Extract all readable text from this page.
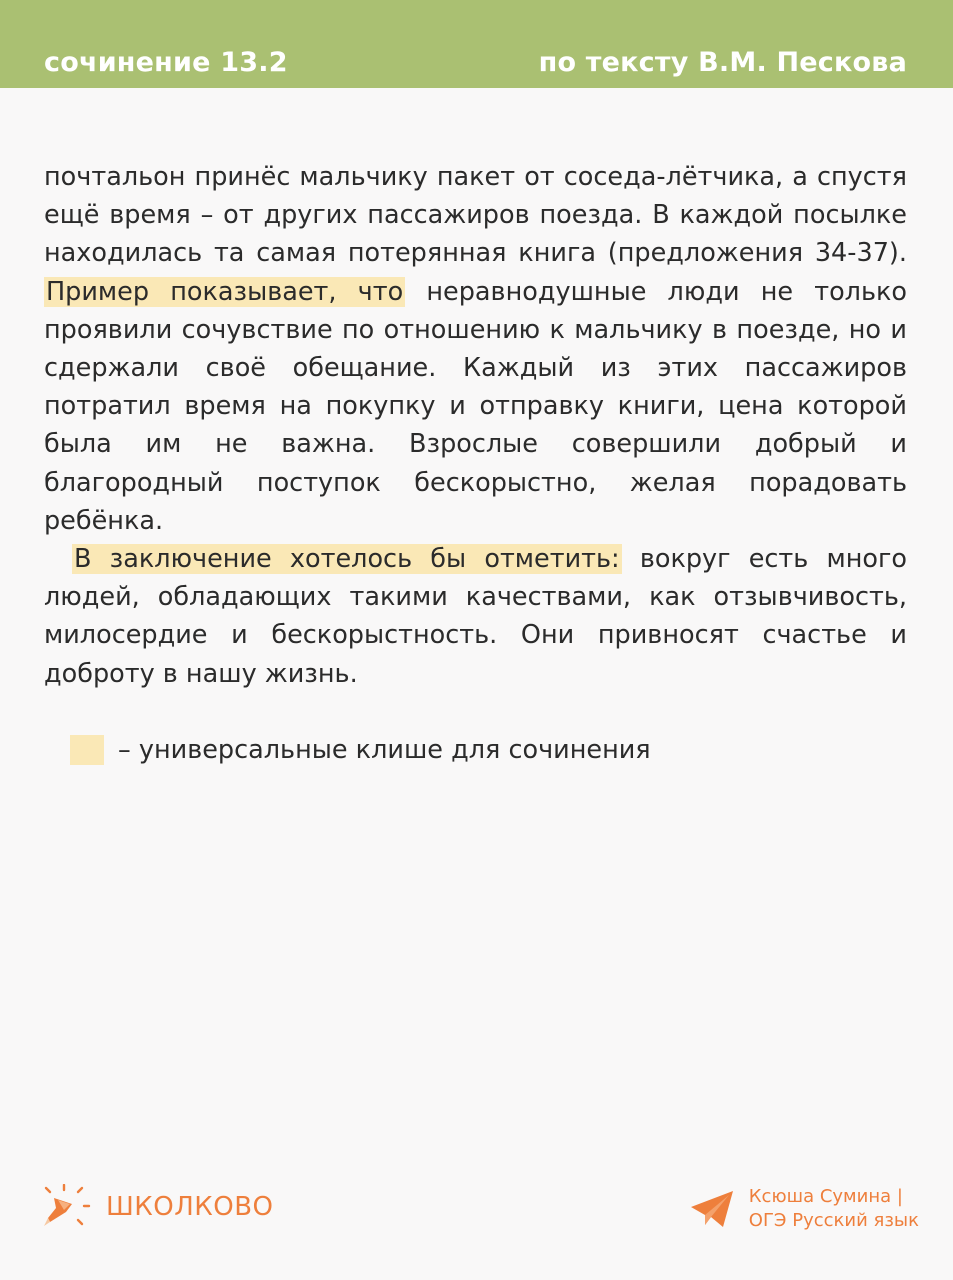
сочинение 13.2	по тексту В.М. Пескова

почтальон принёс мальчику пакет от соседа-лётчика, а спустя ещё время – от других пассажиров поезда. В каждой посылке находилась та самая потерянная книга (предложения 34-37). Пример показывает, что неравнодушные люди не только проявили сочувствие по отношению к мальчику в поезде, но и сдержали своё обещание. Каждый из этих пассажиров потратил время на покупку и отправку книги, цена которой была им не важна. Взрослые совершили добрый и благородный поступок бескорыстно, желая порадовать ребёнка.

В заключение хотелось бы отметить: вокруг есть много людей, обладающих такими качествами, как отзывчивость, милосердие и бескорыстность. Они привносят счастье и доброту в нашу жизнь.

– универсальные клише для сочинения
ШКОЛКОВО	Ксюша Сумина |
ОГЭ Русский язык
